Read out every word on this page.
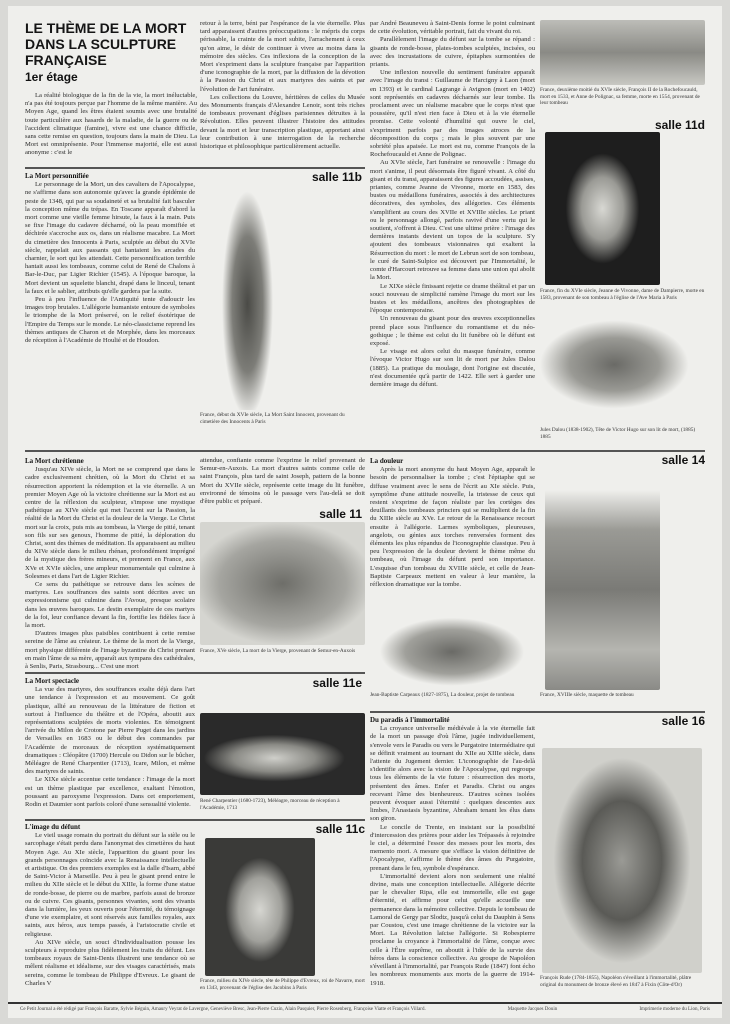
LE THÈME DE LA MORT DANS LA SCULPTURE FRANÇAISE
1er étage

La réalité biologique de la fin de la vie, la mort inéluctable, n'a pas été toujours perçue par l'homme de la même manière. Au Moyen Age, quand les êtres étaient soumis avec une brutalité toute particulière aux hasards de la maladie, de la guerre ou de l'accident climatique (famine), vivre est une chance difficile, sans cette remise en question, toujours dans la main de Dieu. La Mort est omniprésente. Pour l'immense majorité, elle est aussi anonyme : c'est le

retour à la terre, béni par l'espérance de la vie éternelle. Plus tard apparaissent d'autres préoccupations : le mépris du corps périssable, la crainte de la mort subite, l'arrachement à ceux qu'on aime, le désir de continuer à vivre au moins dans la mémoire des siècles. Ces inflexions de la conception de la Mort s'expriment dans la sculpture française par l'apparition d'une iconographie de la mort, par la diffusion de la dévotion à la Passion du Christ et aux martyres des saints et par l'évolution de l'art funéraire.

Les collections du Louvre, héritières de celles du Musée des Monuments français d'Alexandre Lenoir, sont très riches de tombeaux provenant d'églises parisiennes détruites à la Révolution. Elles peuvent illustrer l'histoire des attitudes devant la mort et leur transcription plastique, apportant ainsi leur contribution à une interrogation de la recherche historique et philosophique particulièrement actuelle.

par André Beauneveu à Saint-Denis forme le point culminant de cette évolution, véritable portrait, fait du vivant du roi.

Parallèlement l'image du défunt sur la tombe se répand : gisants de ronde-bosse, plates-tombes sculptées, incisées, ou avec des incrustations de cuivre, épitaphes surmontées de priants.

Une inflexion nouvelle du sentiment funéraire apparaît avec l'image du transi : Guillaume de Harcigny à Laon (mort en 1393) et le cardinal Lagrange à Avignon (mort en 1402) sont représentés en cadavres décharnés sur leur tombe. Ils proclament avec un réalisme macabre que le corps n'est que poussière, qu'il n'est rien face à Dieu et à la vie éternelle promise. Cette volonté d'humilité qui ouvre le ciel, s'expriment parfois par des images atroces de la décomposition du corps ; mais le plus souvent par une sobriété plus apaisée. Le mort est nu, comme François de la Rochefoucauld et Anne de Polignac.

Au XVIe siècle, l'art funéraire se renouvelle : l'image du mort s'anime, il peut désormais être figuré vivant. A côté du gisant et du transi, apparaissent des figures accoudées, assises, priantes, comme Jeanne de Vivonne, morte en 1583, des bustes ou médaillons funéraires, associés à des architectures décoratives, des symboles, des allégories. Ces éléments s'amplifient au cours des XVIIe et XVIIIe siècles. Le priant ou le personnage allongé, parfois ravivé d'une vertu qui le soutient, s'offrent à Dieu. C'est une ultime prière : l'image des dernières instants devient un topos de la sculpture. S'y ajoutent des tombeaux visionnaires qui exaltent la Résurrection du mort : le mort de Lebrun sort de son tombeau, le curé de Saint-Sulpice est découvert par l'Immortalité, le comte d'Harcourt retrouve sa femme dans une union qui abolit la Mort.

Le XIXe siècle finissant rejette ce drame théâtral et par un souci nouveau de simplicité ramène l'image du mort sur les bustes et les médaillons, ancêtres des photographies de l'époque contemporaine.

Un renouveau du gisant pour des œuvres exceptionnelles prend place sous l'influence du romantisme et du néo-gothique ; le thème est celui du lit funèbre où le défunt est exposé.

Le visage est alors celui du masque funéraire, comme l'évoque Victor Hugo sur son lit de mort par Jules Dalou (1885). La pratique du moulage, dont l'origine est discutée, n'est documentée qu'à partir de 1422. Elle sert à garder une dernière image du défunt.

La Mort personnifiée

Le personnage de la Mort, un des cavaliers de l'Apocalypse, ne s'affirme dans son autonomie qu'avec la grande épidémie de peste de 1348, qui par sa soudaineté et sa brutalité fait basculer la conception même du trépas. En Toscane apparaît d'abord la mort comme une vieille femme hirsute, la faux à la main. Puis se fixe l'image du cadavre décharné, où la peau momifiée et déchirée s'accroche aux os, dans un réalisme macabre. La Mort du cimetière des Innocents à Paris, sculptée au début du XVIe siècle, rappelait aux passants qui hantaient les arcades du charnier, le sort qui les attendait. Cette personnification terrible hantait aussi les tombeaux, comme celui de René de Chalons à Bar-le-Duc, par Ligier Richier (1545). A l'époque baroque, la Mort devient un squelette blanchi, drapé dans le linceul, tenant la faux et le sablier, attributs qu'elle gardera par la suite.

Peu à peu l'influence de l'Antiquité tente d'adoucir les images trop brutales. L'allégorie humaniste entoure de symboles le triomphe de la Mort préservé, on le relief ésotérique de l'Empire du Temps sur le monde. Le néo-classicisme reprend les thèmes antiques de Charon et de Morphée, dans les morceaux de réception à l'Académie de Houlié et de Houdon.

salle 11b
France, début du XVIe siècle, La Mort Saint Innocent, provenant du cimetière des Innocents à Paris
France, deuxième moitié du XVIe siècle, François II de la Rochefoucauld, mort en 1533, et Anne de Polignac, sa femme, morte en 1554, provenant de leur tombeau
salle 11d
France, fin du XVIe siècle, Jeanne de Vivonne, dame de Dampierre, morte en 1583, provenant de son tombeau à l'église de l'Ave Maria à Paris
Jules Dalou (1838-1902), Tête de Victor Hugo sur son lit de mort, (1885) 1885
La Mort chrétienne

Jusqu'au XIVe siècle, la Mort ne se comprend que dans le cadre exclusivement chrétien, où la Mort du Christ et sa résurrection apportent la rédemption et la vie éternelle. A un premier Moyen Age où la victoire chrétienne sur la Mort est au centre de la réflexion du sculpteur, s'impose une mystique pathétique au XIVe siècle qui met l'accent sur la Passion, la réalité de la Mort du Christ et la douleur de la Vierge. Le Christ mort sur la croix, puis mis au tombeau, la Vierge de pitié, tenant son fils sur ses genoux, l'homme de pitié, la déploration du Christ, sont des thèmes de méditation. Ils apparaissent au milieu du XIVe siècle dans le milieu rhénan, profondément imprégné de la mystique des frères mineurs, et prennent en France, aux XVe et XVIe siècles, une ampleur monumentale qui culmine à Solesmes et dans l'art de Ligier Richier.

Ce sens du pathétique se retrouve dans les scènes de martyres. Les souffrances des saints sont décrites avec un expressionnisme qui culmine dans l'Avoue, presque scolaire dans les œuvres baroques. Le destin exemplaire de ces martyrs de la foi, leur confiance devant la fin, fortifie les fidèles face à la mort.

D'autres images plus paisibles contribuent à cette remise sereine de l'âme au créateur. Le thème de la mort de la Vierge, mort physique différente de l'image byzantine du Christ prenant en main l'âme de sa mère, apparaît aux tympans des cathédrales, à Senlis, Paris, Strasbourg... C'est une mort

attendue, confiante comme l'exprime le relief provenant de Semur-en-Auxois. La mort d'autres saints comme celle de saint François, plus tard de saint Joseph, pattern de la bonne Mort du XVIIe siècle, représente cette image du lit funèbre, environné de témoins où le passage vers l'au-delà se doit d'être public et préparé.

salle 11
France, XVe siècle, La mort de la Vierge, provenant de Semur-en-Auxois
La Mort spectacle

La vue des martyres, des souffrances exalte déjà dans l'art une tendance à l'expression et au mouvement. Ce goût plastique, allié au renouveau de la littérature de fiction et surtout à l'influence du théâtre et de l'Opéra, aboutit aux représentations sculptées de morts violentes. En témoignent l'arrivée du Milon de Crotone par Pierre Puget dans les jardins de Versailles en 1683 ou le début des commandes par l'Académie de morceaux de réception systématiquement dramatiques : Cléopâtre (1700) Hercule ou Didon sur le bûcher, Méléagre de René Charpentier (1713), Icare, Milon, et même des martyres de saints.

Le XIXe siècle accentue cette tendance : l'image de la mort est un thème plastique par excellence, exaltant l'émotion, poussant au paroxysme l'expression. Dans cet emportement, Rodin et Daumier sont parfois coloré d'une sensualité violente.

salle 11e
René Charpentier (1680-1723), Méléagre, morceau de réception à l'Académie, 1713
L'image du défunt

Le vieil usage romain du portrait du défunt sur la stèle ou le sarcophage s'était perdu dans l'anonymat des cimetières du haut Moyen Age. Au XIe siècle, l'apparition du gisant pour les grands personnages coïncide avec la Renaissance intellectuelle et artistique. On des premiers exemples est la dalle d'Isarn, abbé de Saint-Victor à Marseille. Peu à peu le gisant prend entre le milieu du XIIe siècle et le début du XIIIe, la forme d'une statue de ronde-bosse, de pierre ou de marbre, parfois aussi de bronze ou de cuivre. Ces gisants, personnes vivantes, sont des vivants dans la lumière, les yeux ouverts pour l'éternité, du témoignage d'une vie exemplaire, et sont réservés aux familles royales, aux saints, aux héros, aux temps passés, à l'aristocratie civile et religieuse.

Au XIVe siècle, un souci d'individualisation pousse les sculpteurs à reproduire plus fidèlement les traits du défunt. Les tombeaux royaux de Saint-Denis illustrent une tendance où se mêlent réalisme et idéalisme, sur des visages caractérisés, mais sereins, comme le tombeau de Philippe d'Evreux. Le gisant de Charles V

salle 11c
France, milieu du XIVe siècle, tête de Philippe d'Evreux, roi de Navarre, mort en 1343, provenant de l'église des Jacobins à Paris
La douleur

Après la mort anonyme du haut Moyen Age, apparaît le besoin de personnaliser la tombe ; c'est l'épitaphe qui se diffuse vraiment avec le sens de l'écrit au XIe siècle. Puis, symptôme d'une attitude nouvelle, la tristesse de ceux qui restent s'exprime de façon réaliste par les cortèges des deuillants des tombeaux princiers qui se multiplient de la fin du XIIIe siècle au XVe. Le retour de la Renaissance recourt ensuite à l'allégorie. Larmes symboliques, pleureuses, angelots, ou génies aux torches renversées forment des éléments les plus répandus de l'iconographie classique. Peu à peu l'expression de la douleur devient le thème même du tombeau, où l'image du défunt perd son importance. L'esquisse d'un tombeau du XVIIIe siècle, et celle de Jean-Baptiste Carpeaux mettent en valeur à leur manière, la réflexion dramatique sur la tombe.

Jean-Baptiste Carpeaux (1827-1875), La douleur, projet de tombeau
salle 14
France, XVIIIe siècle, maquette de tombeau
Du paradis à l'immortalité

La croyance universelle médiévale à la vie éternelle fait de la mort un passage d'où l'âme, jugée individuellement, s'envole vers le Paradis ou vers le Purgatoire intermédiaire qui se définit vraiment au tournant du XIIe au XIIIe siècle, dans l'attente du Jugement dernier. L'iconographie de l'au-delà s'identifie alors avec la vision de l'Apocalypse, qui regroupe tous les éléments de la vie future : résurrection des morts, présentent des âmes. Enfer et Paradis. Christ ou anges recevant l'âme des bienheureux. D'autres scènes isolées peuvent évoquer aussi l'éternité : quelques descentes aux limbes, l'Anastasis byzantine, Abraham tenant les élus dans son giron.

Le concile de Trente, en insistant sur la possibilité d'intercession des prières pour aider les Trépassés à rejoindre le ciel, a déterminé l'essor des messes pour les morts, des memento mori. A mesure que s'efface la vision définitive de l'Apocalypse, s'affirme le thème des âmes du Purgatoire, prenant dans le feu, symbole d'espérance.

L'immortalité devient alors non seulement une réalité divine, mais une conception intellectuelle. Allégorie décrite par le chevalier Ripa, elle est immortelle, elle est gage d'éternité, et affirme pour celui qu'elle accueille une permanence dans la mémoire collective. Depuis le tombeau de Lamoral de Gergy par Slodtz, jusqu'à celui du Dauphin à Sens par Coustou, c'est une image chrétienne de la victoire sur la Mort. La Révolution laïcise l'allégorie. Si Robespierre proclame la croyance à l'immortalité de l'âme, conçue avec celle à l'Être suprême, on aboutit à l'idée de la survie des héros dans la conscience collective. Au groupe de Napoléon s'éveillant à l'immortalité, par François Rude (1847) font écho les nombreux monuments aux morts de la guerre de 1914-1918.

salle 16
François Rude (1784-1855), Napoléon s'éveillant à l'immortalité, plâtre original du monument de bronze élevé en 1847 à Fixin (Côte-d'Or)
Ce Petit Journal a été rédigé par François Baratte, Sylvie Béguin, Amaury Veyrat de Lavergne, Geneviève Bresc, Jean-Pierre Cuzin, Alain Pasquier, Pierre Rosenberg, Françoise Viatte et François Villard.	Maquette Jacques Douin	Imprimerie moderne du Lion, Paris
